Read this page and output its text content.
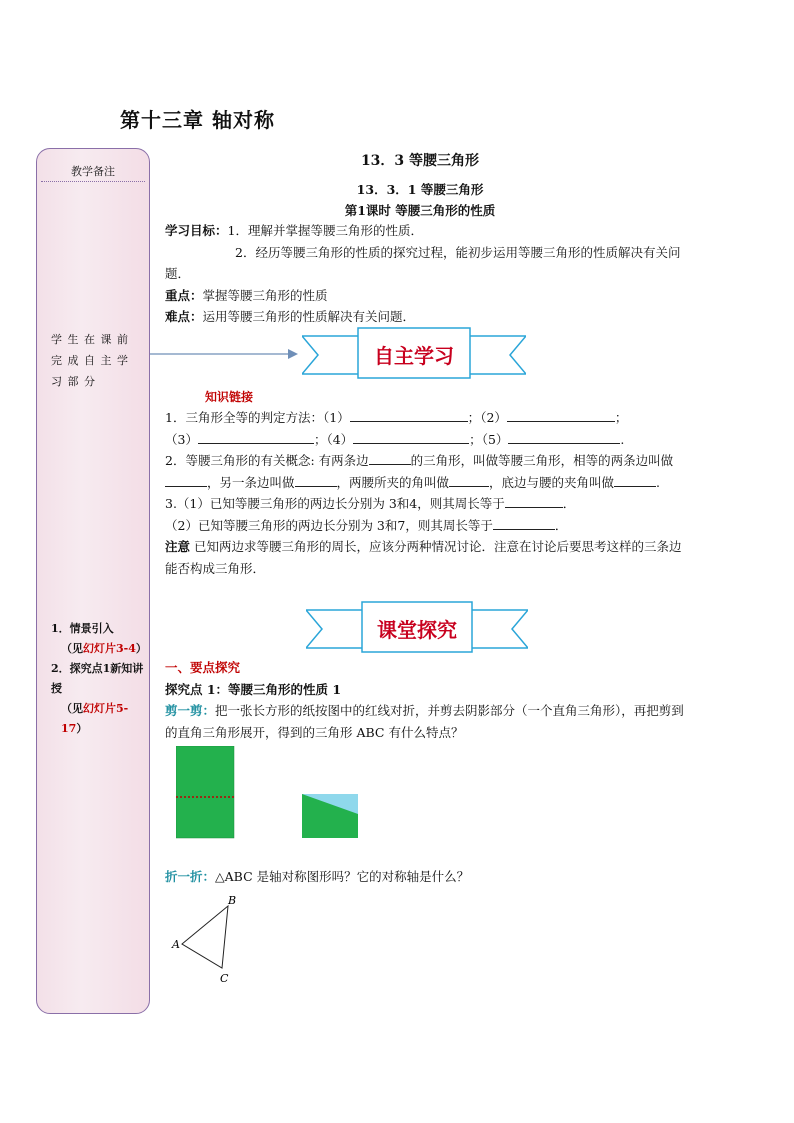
第十三章 轴对称
教学备注
学生在课前完成自主学习部分
1．情景引入
（见幻灯片3-4）
2．探究点1新知讲授
（见幻灯片5-17）
13．3 等腰三角形
13．3．1 等腰三角形
第1课时 等腰三角形的性质
学习目标：1．理解并掌握等腰三角形的性质．
2．经历等腰三角形的性质的探究过程，能初步运用等腰三角形的性质解决有关问题．
重点：掌握等腰三角形的性质
难点：运用等腰三角形的性质解决有关问题．
自主学习
知识链接
1．三角形全等的判定方法：（1）	；（2）	；
（3）	；（4）	；（5）	.
2．等腰三角形的有关概念: 有两条边	的三角形，叫做等腰三角形，相等的两条边叫做，另一条边叫做	，两腰所夹的角叫做	，底边与腰的夹角叫做	.
3.（1）已知等腰三角形的两边长分别为 3和4，则其周长等于	．
（2）已知等腰三角形的两边长分别为 3和7，则其周长等于	．
注意 已知两边求等腰三角形的周长，应该分两种情况讨论．注意在讨论后要思考这样的三条边能否构成三角形．
课堂探究
一、要点探究
探究点 1：等腰三角形的性质 1
剪一剪：把一张长方形的纸按图中的红线对折，并剪去阴影部分（一个直角三角形），再把剪到的直角三角形展开，得到的三角形 ABC 有什么特点？
折一折：△ABC 是轴对称图形吗？它的对称轴是什么？
A
B
C
